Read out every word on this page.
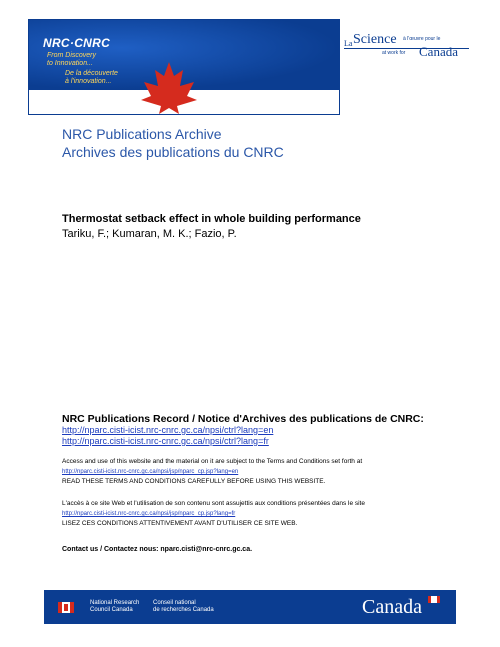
NRC·CNRC
From Discovery
to Innovation...
De la découverte
à l'innovation...
La Science à l'œuvre pour le
at work for Canada
NRC Publications Archive
Archives des publications du CNRC
Thermostat setback effect in whole building performance
Tariku, F.; Kumaran, M. K.; Fazio, P.
NRC Publications Record / Notice d'Archives des publications de CNRC:
http://nparc.cisti-icist.nrc-cnrc.gc.ca/npsi/ctrl?lang=en
http://nparc.cisti-icist.nrc-cnrc.gc.ca/npsi/ctrl?lang=fr
Access and use of this website and the material on it are subject to the Terms and Conditions set forth at
http://nparc.cisti-icist.nrc-cnrc.gc.ca/npsi/jsp/nparc_cp.jsp?lang=en
READ THESE TERMS AND CONDITIONS CAREFULLY BEFORE USING THIS WEBSITE.
L'accès à ce site Web et l'utilisation de son contenu sont assujettis aux conditions présentées dans le site
http://nparc.cisti-icist.nrc-cnrc.gc.ca/npsi/jsp/nparc_cp.jsp?lang=fr
LISEZ CES CONDITIONS ATTENTIVEMENT AVANT D'UTILISER CE SITE WEB.
Contact us / Contactez nous: nparc.cisti@nrc-cnrc.gc.ca.
National Research
Council Canada
Conseil national
de recherches Canada	Canada
